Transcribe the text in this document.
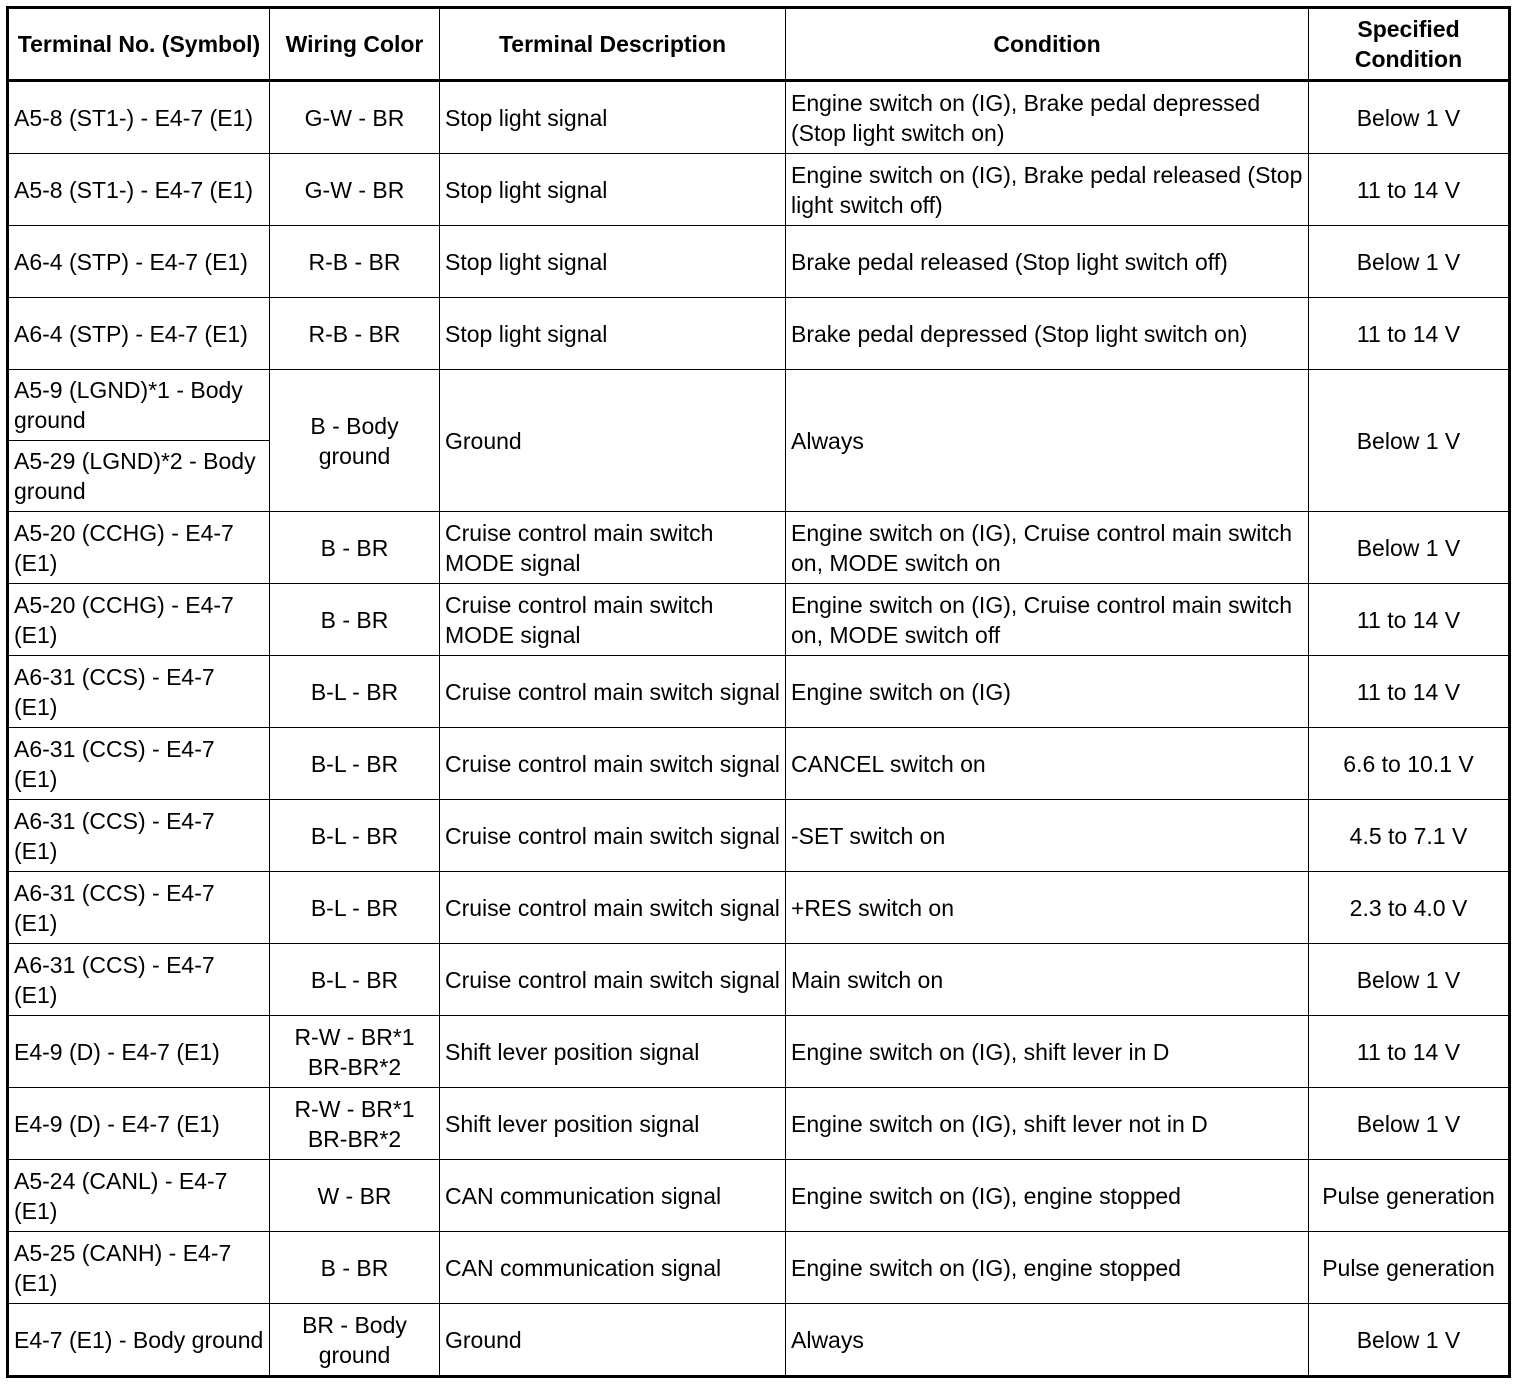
Terminal No. (Symbol)	Wiring Color	Terminal Description	Condition	Specified Condition
A5-8 (ST1-) - E4-7 (E1)	G-W - BR	Stop light signal	Engine switch on (IG), Brake pedal depressed (Stop light switch on)	Below 1 V
A5-8 (ST1-) - E4-7 (E1)	G-W - BR	Stop light signal	Engine switch on (IG), Brake pedal released (Stop light switch off)	11 to 14 V
A6-4 (STP) - E4-7 (E1)	R-B - BR	Stop light signal	Brake pedal released (Stop light switch off)	Below 1 V
A6-4 (STP) - E4-7 (E1)	R-B - BR	Stop light signal	Brake pedal depressed (Stop light switch on)	11 to 14 V
A5-9 (LGND)*1 - Body ground	B - Body ground	Ground	Always	Below 1 V
A5-29 (LGND)*2 - Body ground				
A5-20 (CCHG) - E4-7 (E1)	B - BR	Cruise control main switch MODE signal	Engine switch on (IG), Cruise control main switch on, MODE switch on	Below 1 V
A5-20 (CCHG) - E4-7 (E1)	B - BR	Cruise control main switch MODE signal	Engine switch on (IG), Cruise control main switch on, MODE switch off	11 to 14 V
A6-31 (CCS) - E4-7 (E1)	B-L - BR	Cruise control main switch signal	Engine switch on (IG)	11 to 14 V
A6-31 (CCS) - E4-7 (E1)	B-L - BR	Cruise control main switch signal	CANCEL switch on	6.6 to 10.1 V
A6-31 (CCS) - E4-7 (E1)	B-L - BR	Cruise control main switch signal	-SET switch on	4.5 to 7.1 V
A6-31 (CCS) - E4-7 (E1)	B-L - BR	Cruise control main switch signal	+RES switch on	2.3 to 4.0 V
A6-31 (CCS) - E4-7 (E1)	B-L - BR	Cruise control main switch signal	Main switch on	Below 1 V
E4-9 (D) - E4-7 (E1)	R-W - BR*1 BR-BR*2	Shift lever position signal	Engine switch on (IG), shift lever in D	11 to 14 V
E4-9 (D) - E4-7 (E1)	R-W - BR*1 BR-BR*2	Shift lever position signal	Engine switch on (IG), shift lever not in D	Below 1 V
A5-24 (CANL) - E4-7 (E1)	W - BR	CAN communication signal	Engine switch on (IG), engine stopped	Pulse generation
A5-25 (CANH) - E4-7 (E1)	B - BR	CAN communication signal	Engine switch on (IG), engine stopped	Pulse generation
E4-7 (E1) - Body ground	BR - Body ground	Ground	Always	Below 1 V
